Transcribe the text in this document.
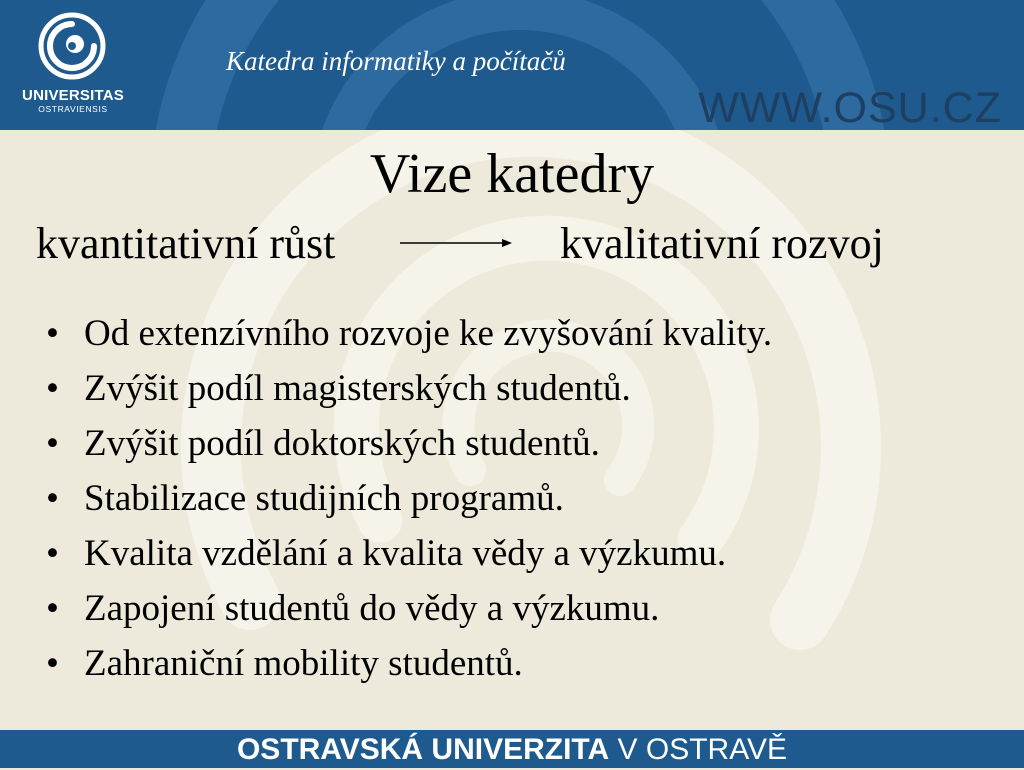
UNIVERSITAS
OSTRAVIENSIS
Katedra informatiky a počítačů
WWW.OSU.CZ
Vize katedry
kvantitativní růst	kvalitativní rozvoj
• Od extenzívního rozvoje ke zvyšování kvality.
• Zvýšit podíl magisterských studentů.
• Zvýšit podíl doktorských studentů.
• Stabilizace studijních programů.
• Kvalita vzdělání a kvalita vědy a výzkumu.
• Zapojení studentů do vědy a výzkumu.
• Zahraniční mobility studentů.
OSTRAVSKÁ UNIVERZITA V OSTRAVĚ
